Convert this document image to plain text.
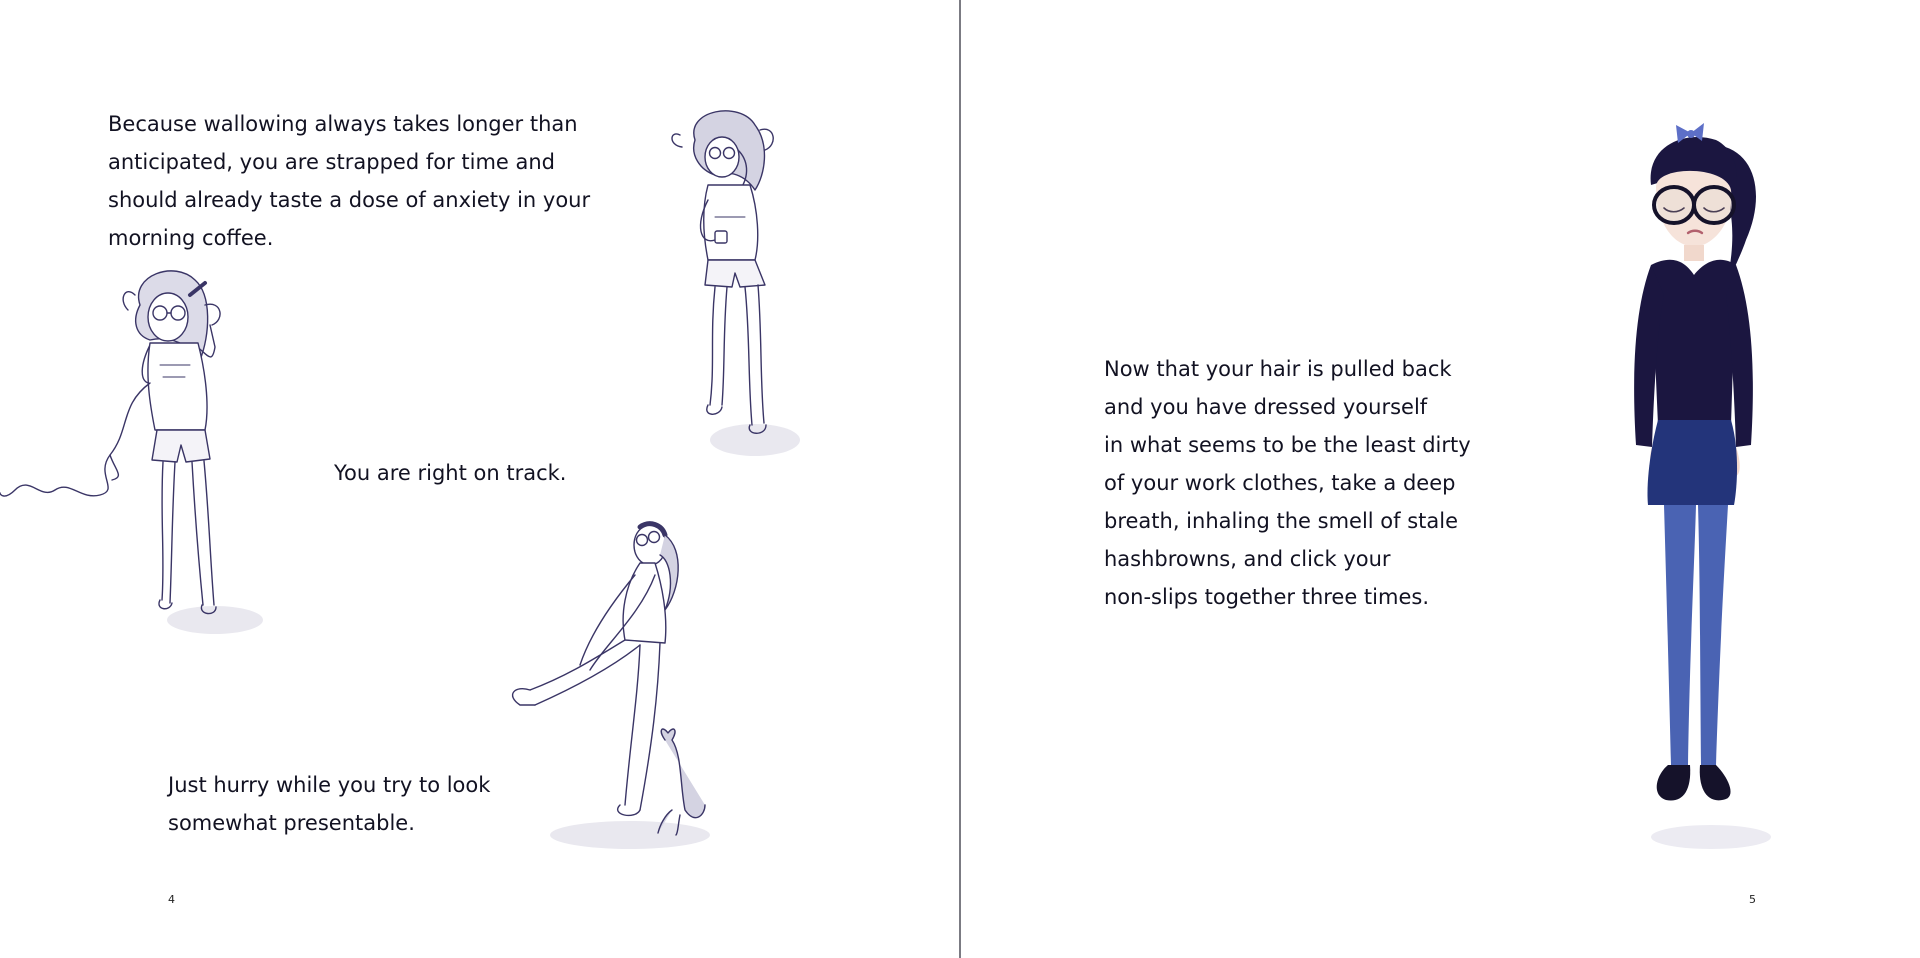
Because wallowing always takes longer than
anticipated, you are strapped for time and
should already taste a dose of anxiety in your
morning coffee.
You are right on track.
Just hurry while you try to look
somewhat presentable.
4
Now that your hair is pulled back
and you have dressed yourself
in what seems to be the least dirty
of your work clothes, take a deep
breath, inhaling the smell of stale
hashbrowns, and click your
non-slips together three times.
5
